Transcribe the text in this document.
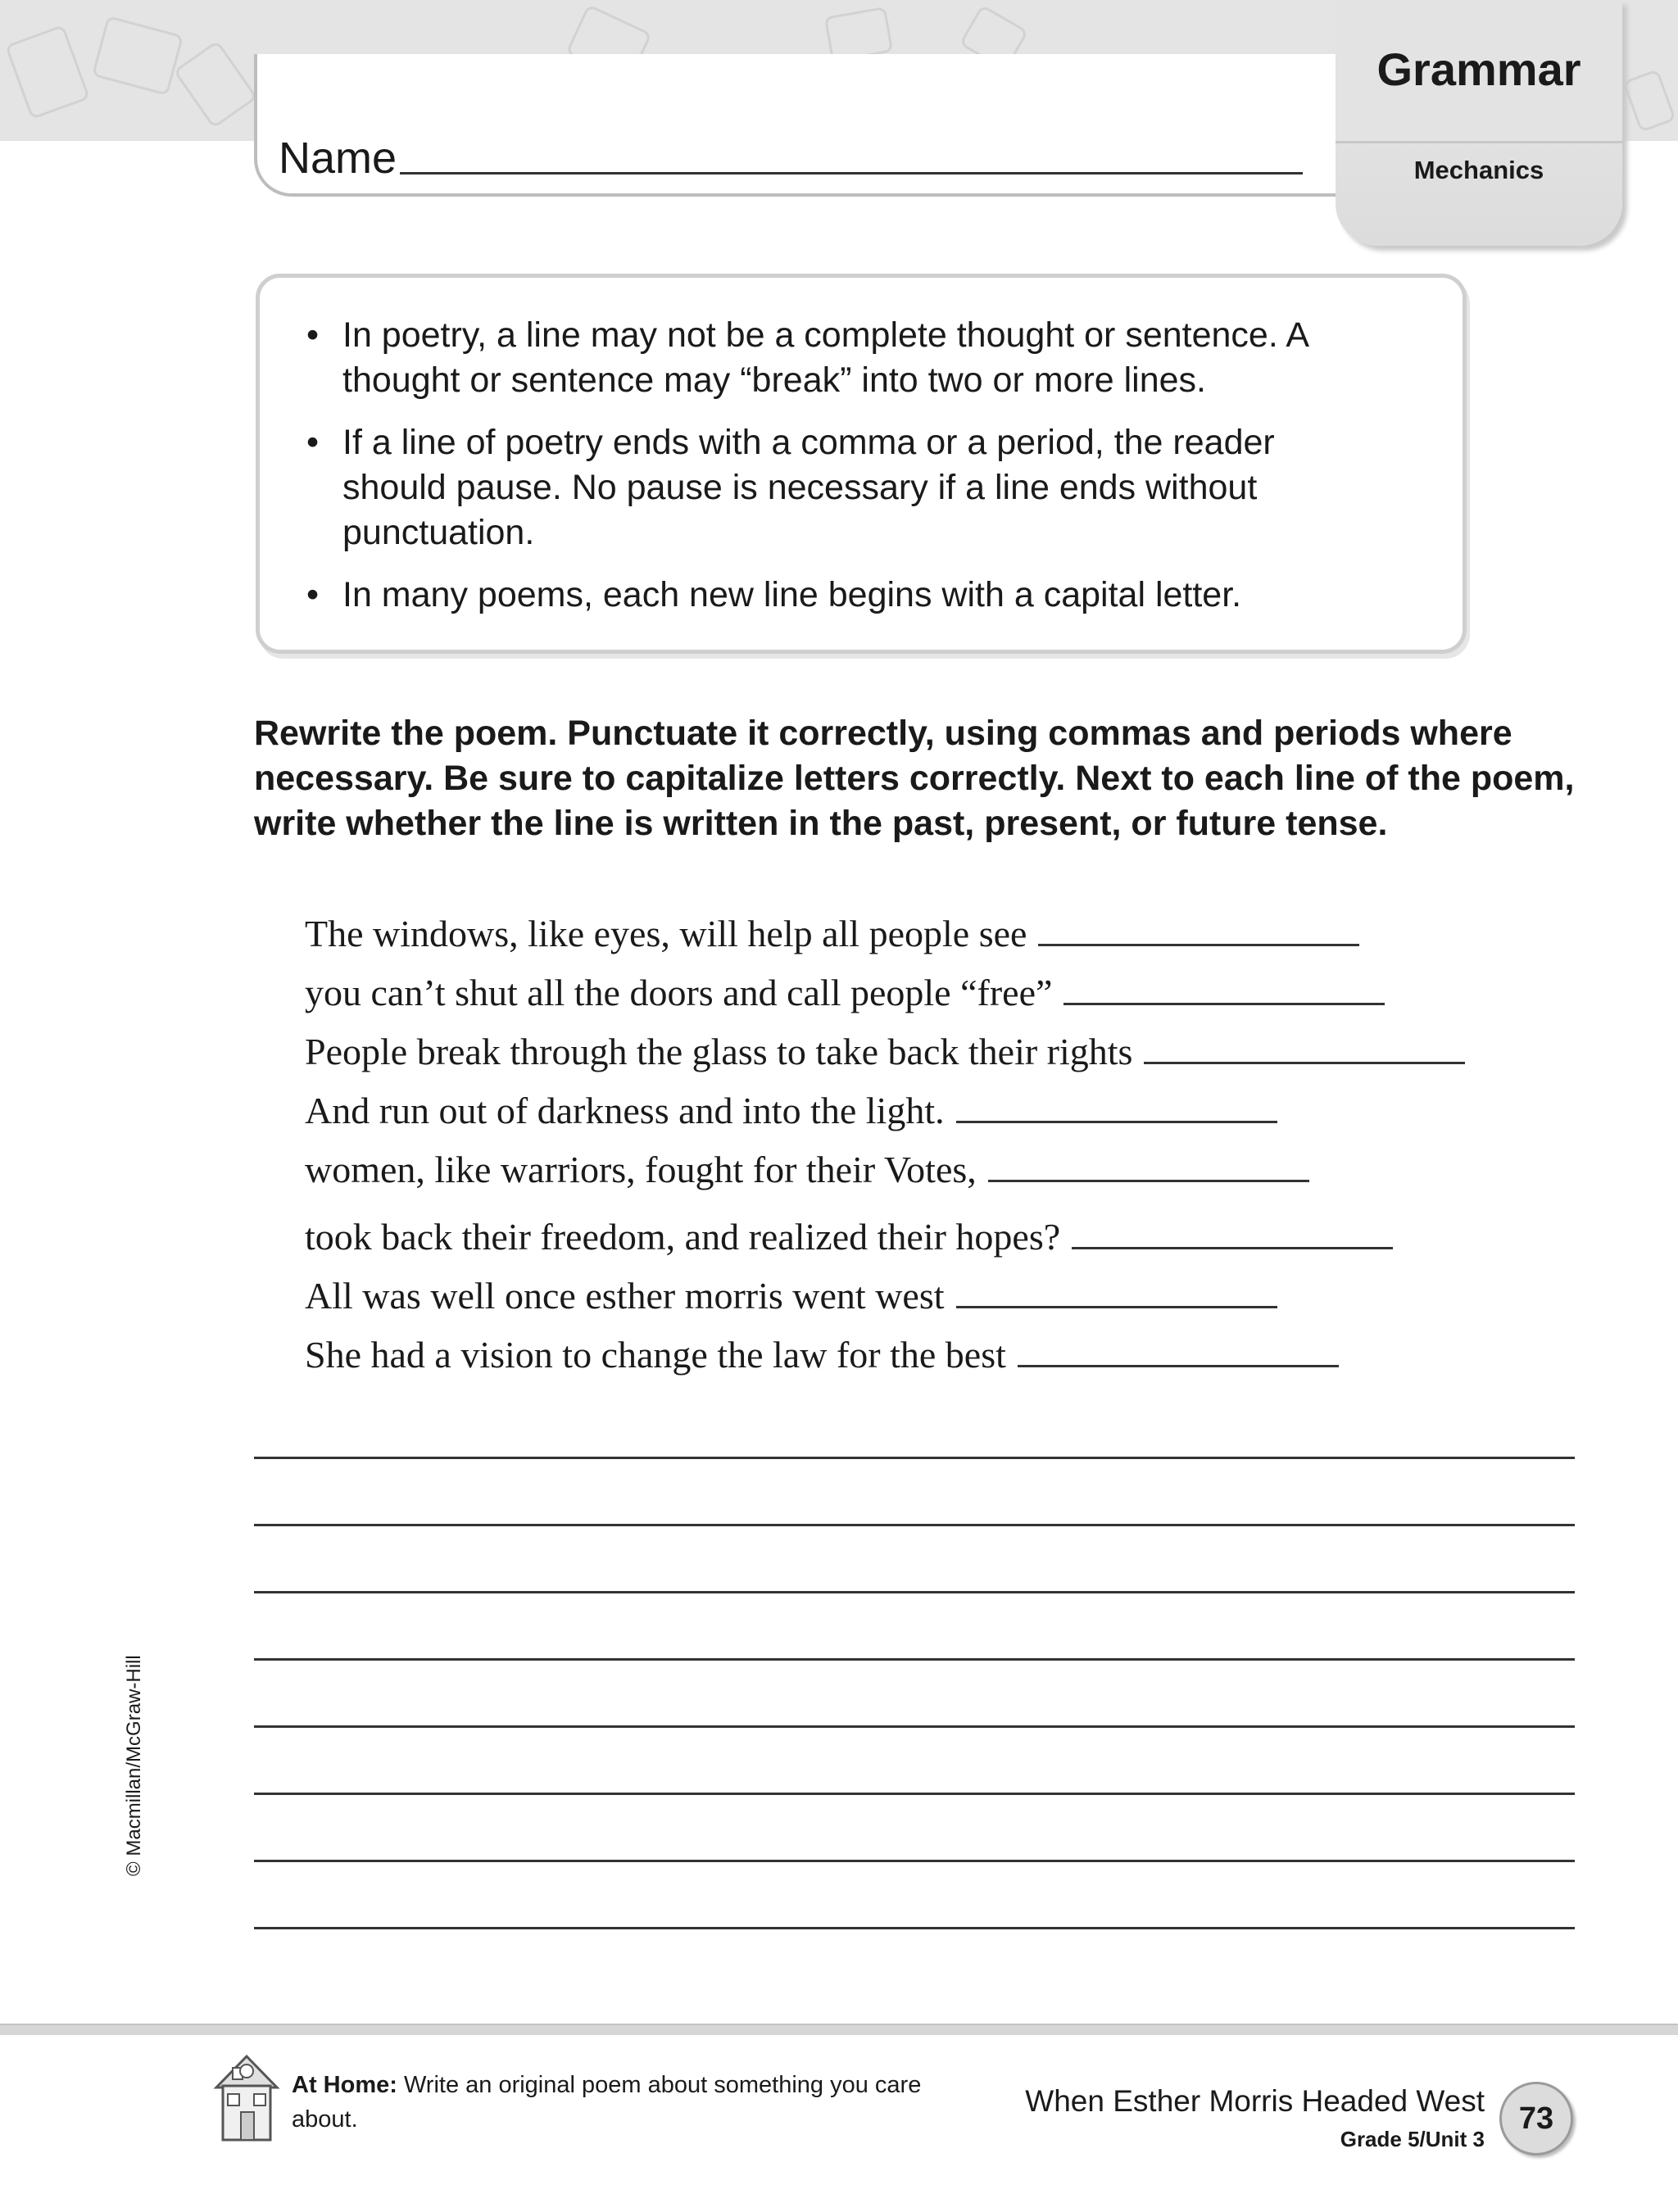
Name
Grammar
Mechanics
• In poetry, a line may not be a complete thought or sentence. A thought or sentence may “break” into two or more lines.
• If a line of poetry ends with a comma or a period, the reader should pause. No pause is necessary if a line ends without punctuation.
• In many poems, each new line begins with a capital letter.
Rewrite the poem. Punctuate it correctly, using commas and periods where necessary. Be sure to capitalize letters correctly. Next to each line of the poem, write whether the line is written in the past, present, or future tense.
The windows, like eyes, will help all people see
you can’t shut all the doors and call people “free”
People break through the glass to take back their rights
And run out of darkness and into the light.
women, like warriors, fought for their Votes,
took back their freedom, and realized their hopes?
All was well once esther morris went west
She had a vision to change the law for the best
© Macmillan/McGraw-Hill
At Home: Write an original poem about something you care about.
When Esther Morris Headed West
Grade 5/Unit 3
73
